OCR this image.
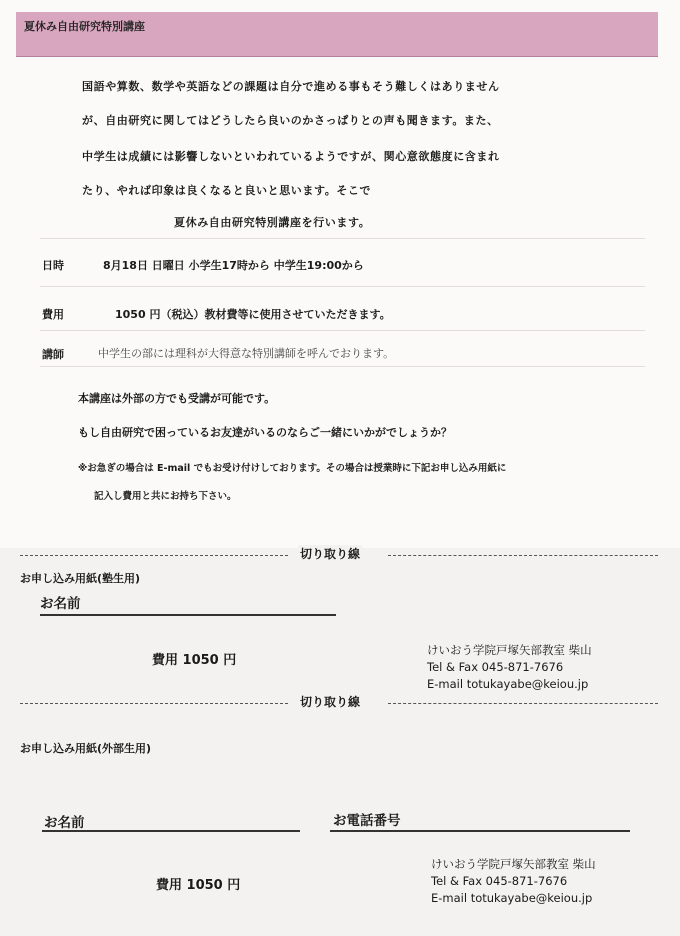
夏休み自由研究特別講座
国語や算数、数学や英語などの課題は自分で進める事もそう難しくはありません
が、自由研究に関してはどうしたら良いのかさっぱりとの声も聞きます。また、
中学生は成績には影響しないといわれているようですが、関心意欲態度に含まれ
たり、やれば印象は良くなると良いと思います。そこで
夏休み自由研究特別講座を行います。
日時	8月18日 日曜日 小学生17時から 中学生19:00から
費用	1050 円（税込）教材費等に使用させていただきます。
講師	中学生の部には理科が大得意な特別講師を呼んでおります。
本講座は外部の方でも受講が可能です。
もし自由研究で困っているお友達がいるのならご一緒にいかがでしょうか？
※お急ぎの場合は E-mail でもお受け付けしております。その場合は授業時に下記お申し込み用紙に
記入し費用と共にお持ち下さい。
切り取り線
お申し込み用紙(塾生用)
お名前
費用 1050 円
けいおう学院戸塚矢部教室 柴山
Tel & Fax 045-871-7676
E-mail totukayabe@keiou.jp
切り取り線
お申し込み用紙(外部生用)
お名前	お電話番号
費用 1050 円
けいおう学院戸塚矢部教室 柴山
Tel & Fax 045-871-7676
E-mail totukayabe@keiou.jp
